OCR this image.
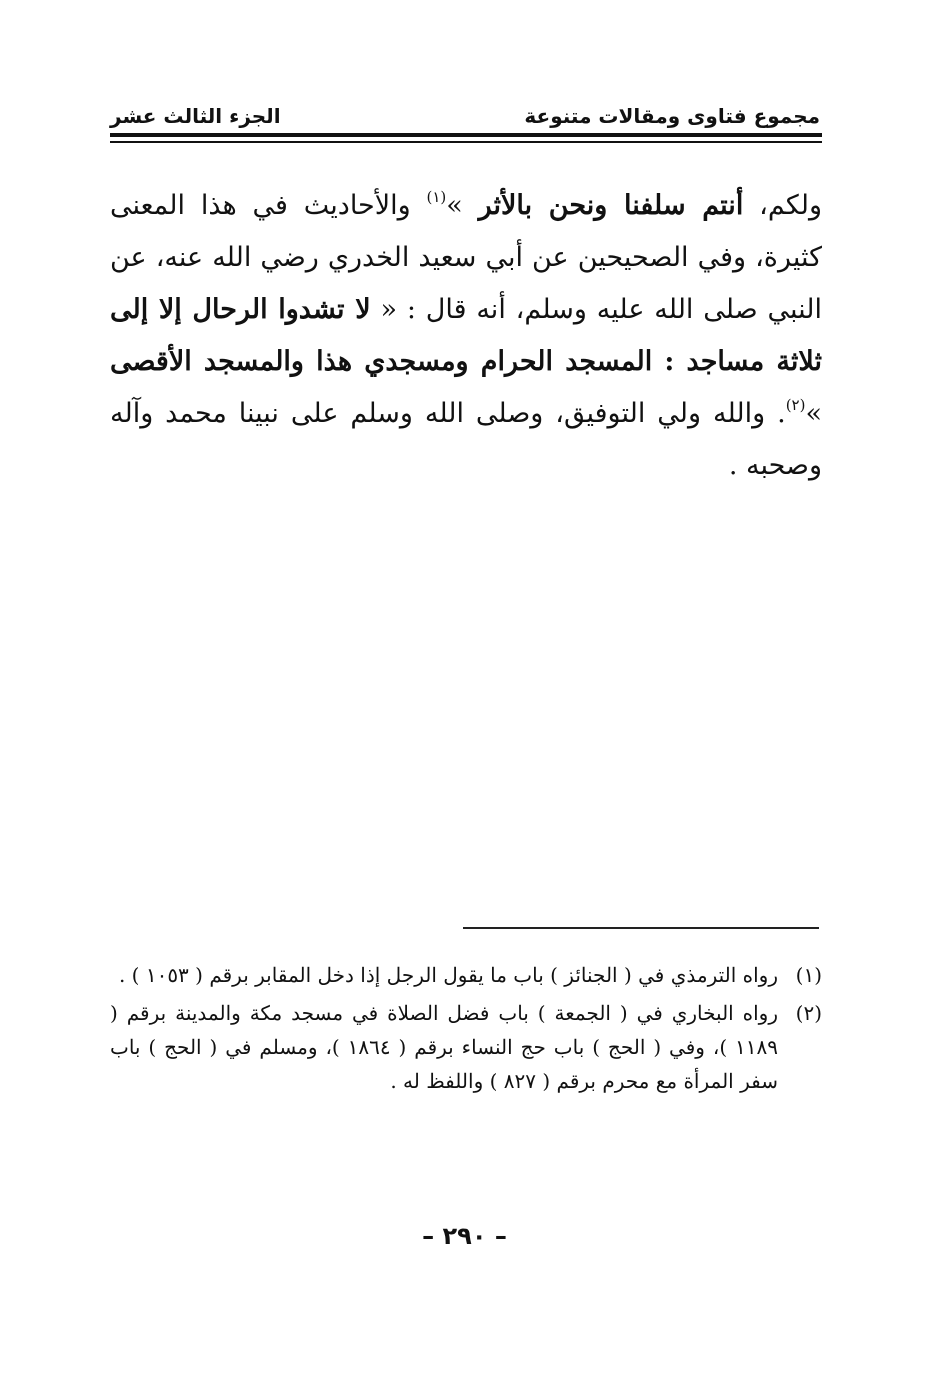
الجزء الثالث عشر	مجموع فتاوى ومقالات متنوعة
ولكم، أنتم سلفنا ونحن بالأثر »$^{(١)}$ والأحاديث في هذا المعنى كثيرة، وفي الصحيحين عن أبي سعيد الخدري رضي الله عنه، عن النبي صلى الله عليه وسلم، أنه قال : « لا تشدوا الرحال إلا إلى ثلاثة مساجد : المسجد الحرام ومسجدي هذا والمسجد الأقصى »$^{(٢)}$. والله ولي التوفيق، وصلى الله وسلم على نبينا محمد وآله وصحبه .
(١)
رواه الترمذي في ( الجنائز ) باب ما يقول الرجل إذا دخل المقابر برقم ( ١٠٥٣ ) .
(٢)
رواه البخاري في ( الجمعة ) باب فضل الصلاة في مسجد مكة والمدينة برقم ( ١١٨٩ )، وفي ( الحج ) باب حج النساء برقم ( ١٨٦٤ )، ومسلم في ( الحج ) باب سفر المرأة مع محرم برقم ( ٨٢٧ ) واللفظ له .
– ٢٩٠ –
